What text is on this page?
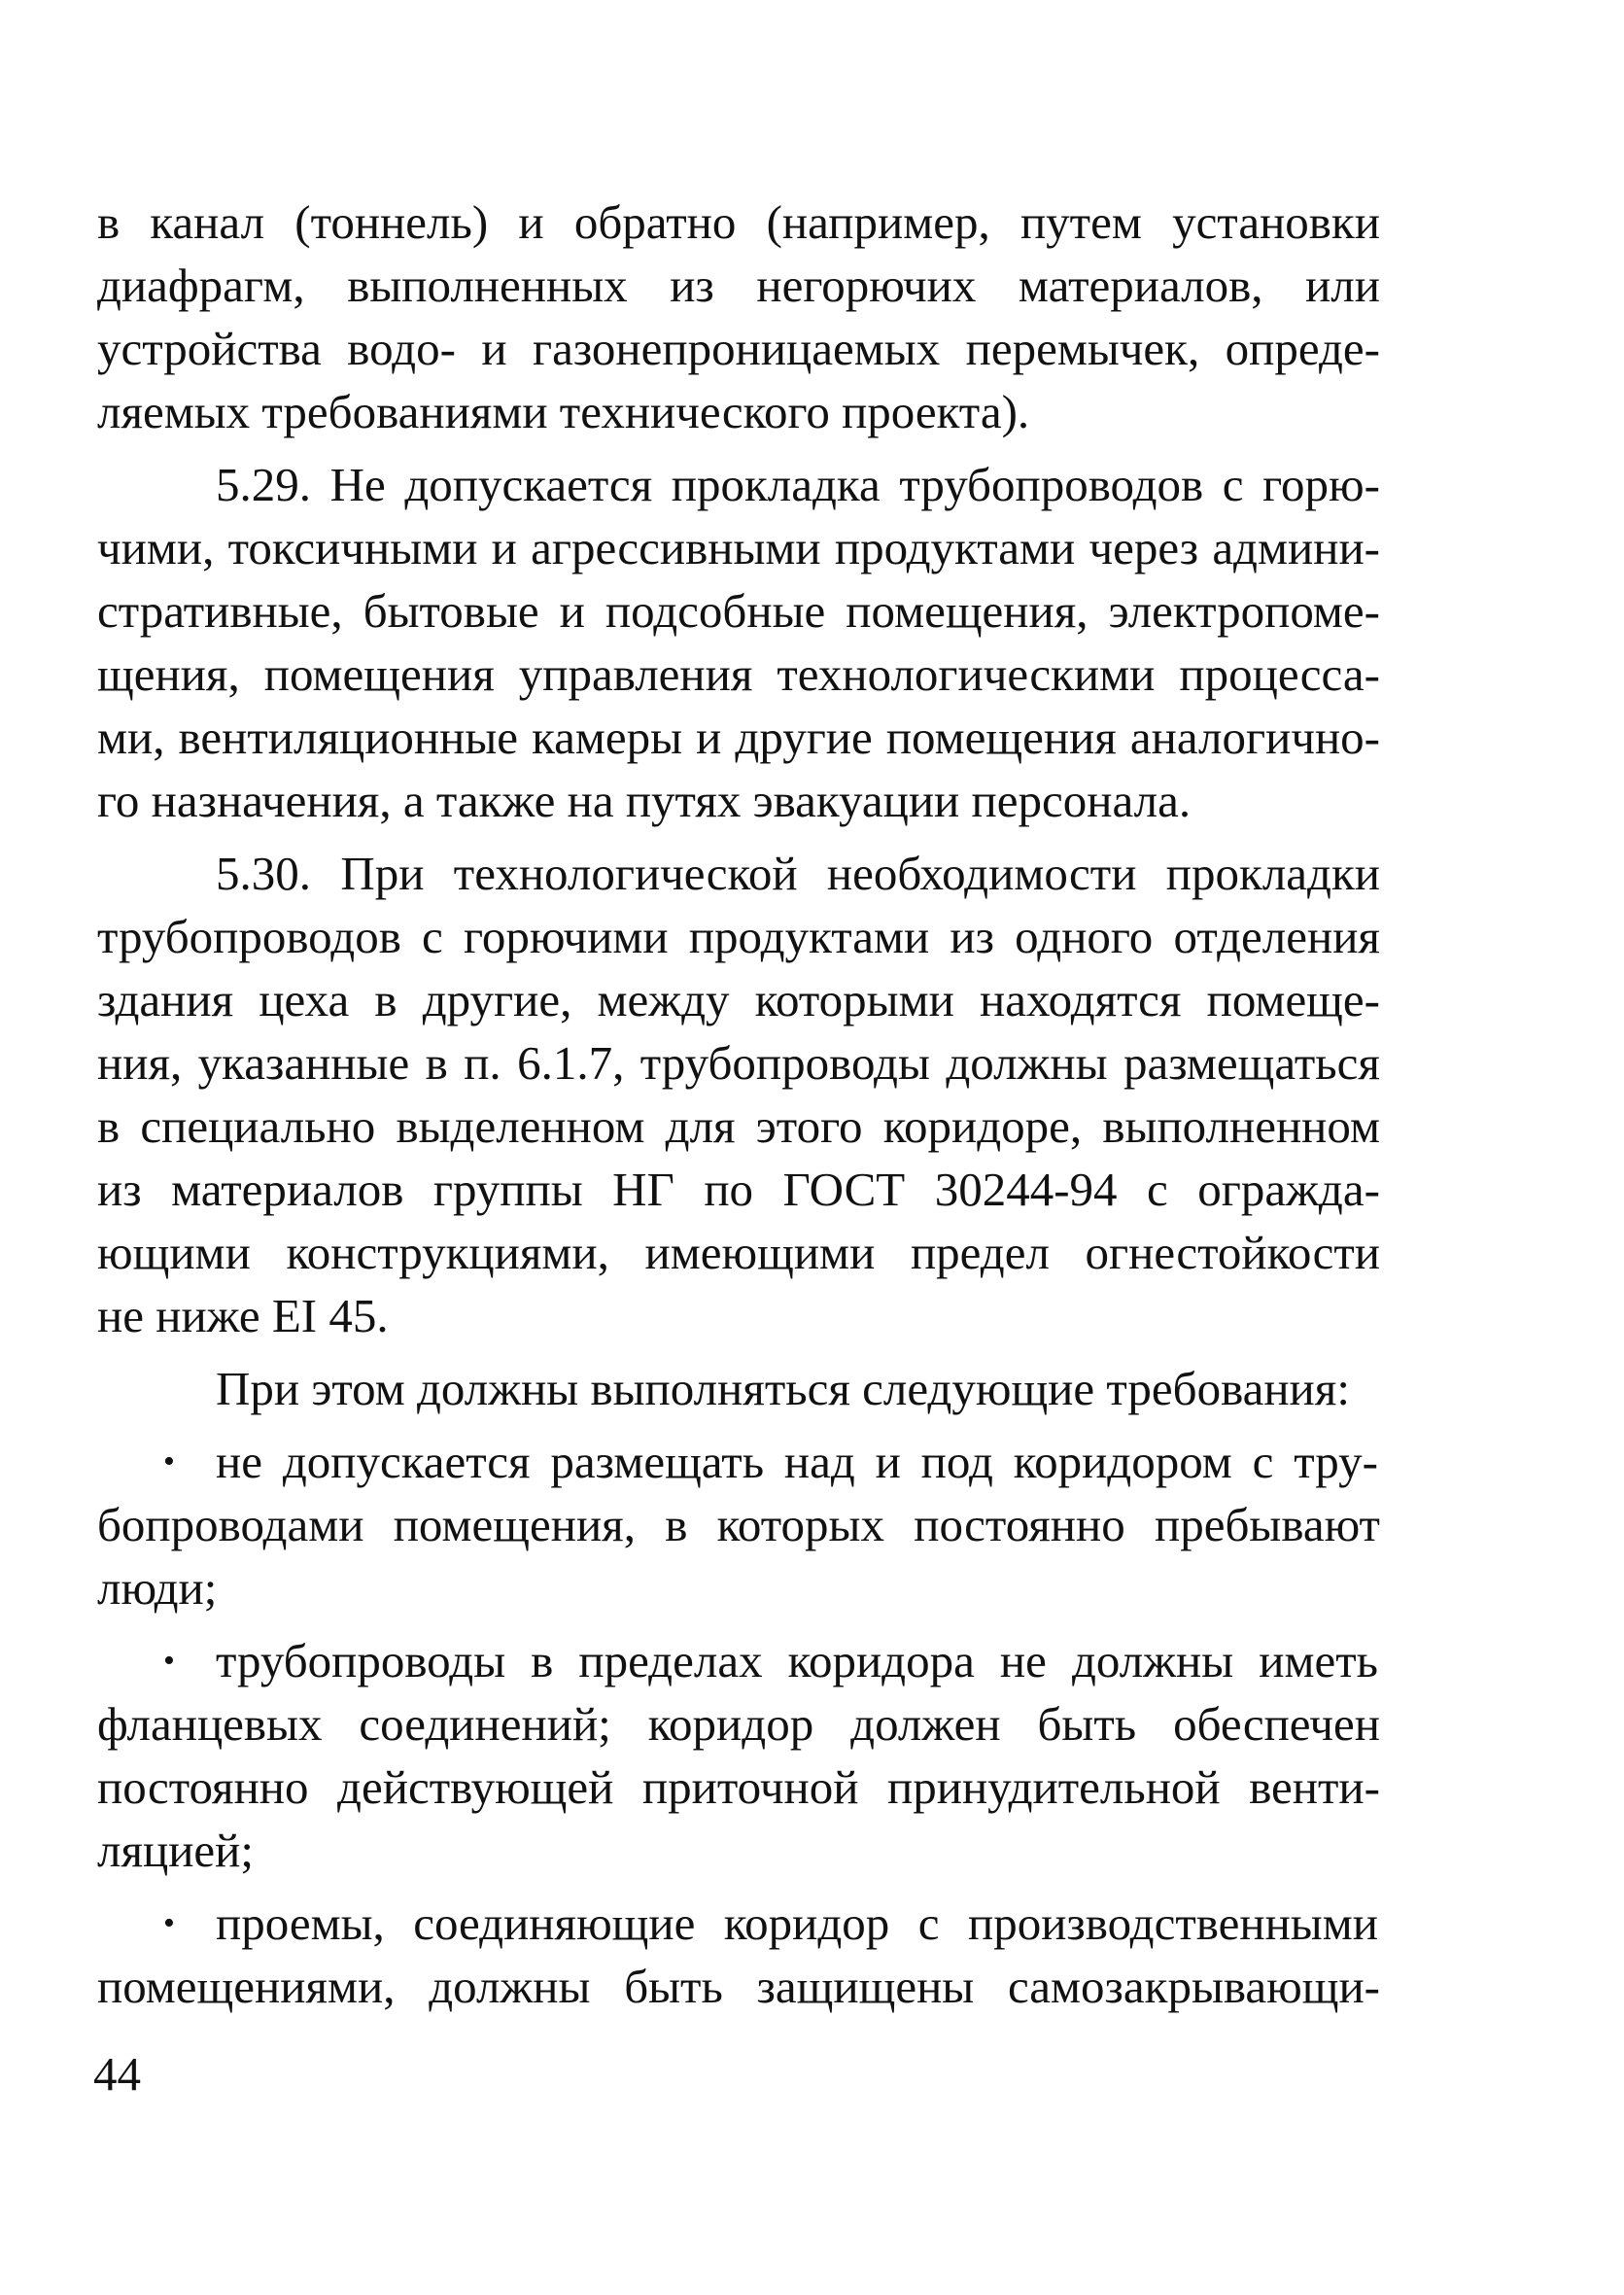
в канал (тоннель) и обратно (например, путем установки
диафрагм, выполненных из негорючих материалов, или
устройства водо- и газонепроницаемых перемычек, опреде-
ляемых требованиями технического проекта).
5.29. Не допускается прокладка трубопроводов с горю-
чими, токсичными и агрессивными продуктами через админи-
стративные, бытовые и подсобные помещения, электропоме-
щения, помещения управления технологическими процесса-
ми, вентиляционные камеры и другие помещения аналогично-
го назначения, а также на путях эвакуации персонала.
5.30. При технологической необходимости прокладки
трубопроводов с горючими продуктами из одного отделения
здания цеха в другие, между которыми находятся помеще-
ния, указанные в п. 6.1.7, трубопроводы должны размещаться
в специально выделенном для этого коридоре, выполненном
из материалов группы НГ по ГОСТ 30244-94 с огражда-
ющими конструкциями, имеющими предел огнестойкости
не ниже EI 45.
При этом должны выполняться следующие требования:
• не допускается размещать над и под коридором с тру-
бопроводами помещения, в которых постоянно пребывают
люди;
• трубопроводы в пределах коридора не должны иметь
фланцевых соединений; коридор должен быть обеспечен
постоянно действующей приточной принудительной венти-
ляцией;
• проемы, соединяющие коридор с производственными
помещениями, должны быть защищены самозакрывающи-
44
